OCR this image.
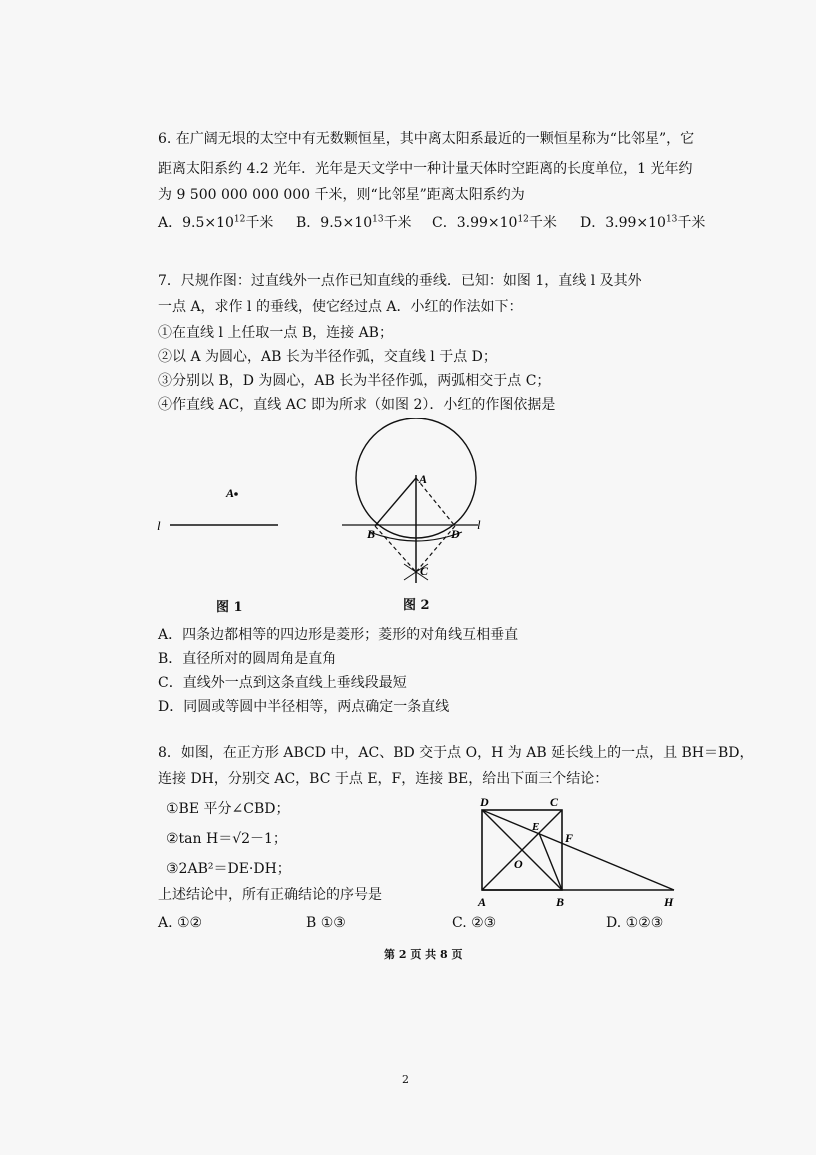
6. 在广阔无垠的太空中有无数颗恒星，其中离太阳系最近的一颗恒星称为“比邻星”，它
距离太阳系约 4.2 光年．光年是天文学中一种计量天体时空距离的长度单位，1 光年约
为 9 500 000 000 000 千米，则“比邻星”距离太阳系约为
A．$9.5\times 10^{12}$千米 B．$9.5\times 10^{13}$千米 C．$3.99\times 10^{12}$千米 D．$3.99\times 10^{13}$千米
7．尺规作图：过直线外一点作已知直线的垂线．已知：如图 1，直线 l 及其外
一点 A，求作 l 的垂线，使它经过点 A．小红的作法如下：
①在直线 l 上任取一点 B，连接 AB；
②以 A 为圆心，AB 长为半径作弧，交直线 l 于点 D；
③分别以 B，D 为圆心，AB 长为半径作弧，两弧相交于点 C；
④作直线 AC，直线 AC 即为所求（如图 2）．小红的作图依据是
A
l
图 1
A
B	D
C
l
图 2
A．四条边都相等的四边形是菱形；菱形的对角线互相垂直
B．直径所对的圆周角是直角
C．直线外一点到这条直线上垂线段最短
D．同圆或等圆中半径相等，两点确定一条直线
8．如图，在正方形 ABCD 中，AC、BD 交于点 O，H 为 AB 延长线上的一点，且 BH＝BD，
连接 DH，分别交 AC，BC 于点 E，F，连接 BE，给出下面三个结论：
①BE 平分∠CBD；
②tan H＝√2－1；
③2AB²＝DE·DH；
上述结论中，所有正确结论的序号是
D	C
E
F
O
A	B	H
A. ①②	B ①③	C. ②③	D. ①②③
第 2 页 共 8 页
2
